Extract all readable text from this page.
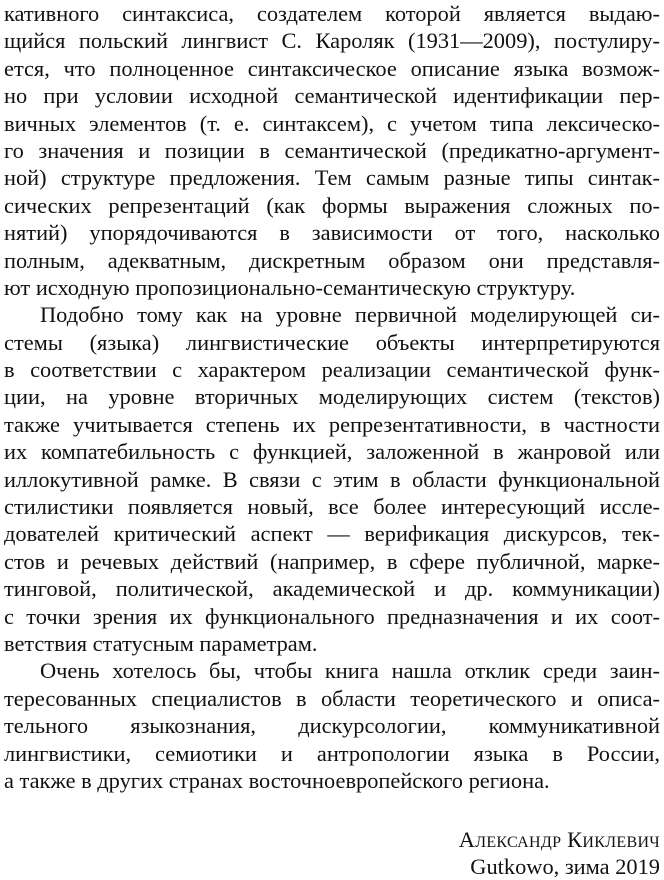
кативного синтаксиса, создателем которой является выдаю-
щийся польский лингвист С. Кароляк (1931—2009), постулиру-
ется, что полноценное синтаксическое описание языка возмож-
но при условии исходной семантической идентификации пер-
вичных элементов (т. е. синтаксем), с учетом типа лексическо-
го значения и позиции в семантической (предикатно-аргумент-
ной) структуре предложения. Тем самым разные типы синтак-
сических репрезентаций (как формы выражения сложных по-
нятий) упорядочиваются в зависимости от того, насколько
полным, адекватным, дискретным образом они представля-
ют исходную пропозиционально-семантическую структуру.
Подобно тому как на уровне первичной моделирующей си-
стемы (языка) лингвистические объекты интерпретируются
в соответствии с характером реализации семантической функ-
ции, на уровне вторичных моделирующих систем (текстов)
также учитывается степень их репрезентативности, в частности
их компатебильность с функцией, заложенной в жанровой или
иллокутивной рамке. В связи с этим в области функциональной
стилистики появляется новый, все более интересующий иссле-
дователей критический аспект — верификация дискурсов, тек-
стов и речевых действий (например, в сфере публичной, марке-
тинговой, политической, академической и др. коммуникации)
с точки зрения их функционального предназначения и их соот-
ветствия статусным параметрам.
Очень хотелось бы, чтобы книга нашла отклик среди заин-
тересованных специалистов в области теоретического и описа-
тельного языкознания, дискурсологии, коммуникативной
лингвистики, семиотики и антропологии языка в России,
а также в других странах восточноевропейского региона.
Александр Киклевич
Gutkowo, зима 2019
